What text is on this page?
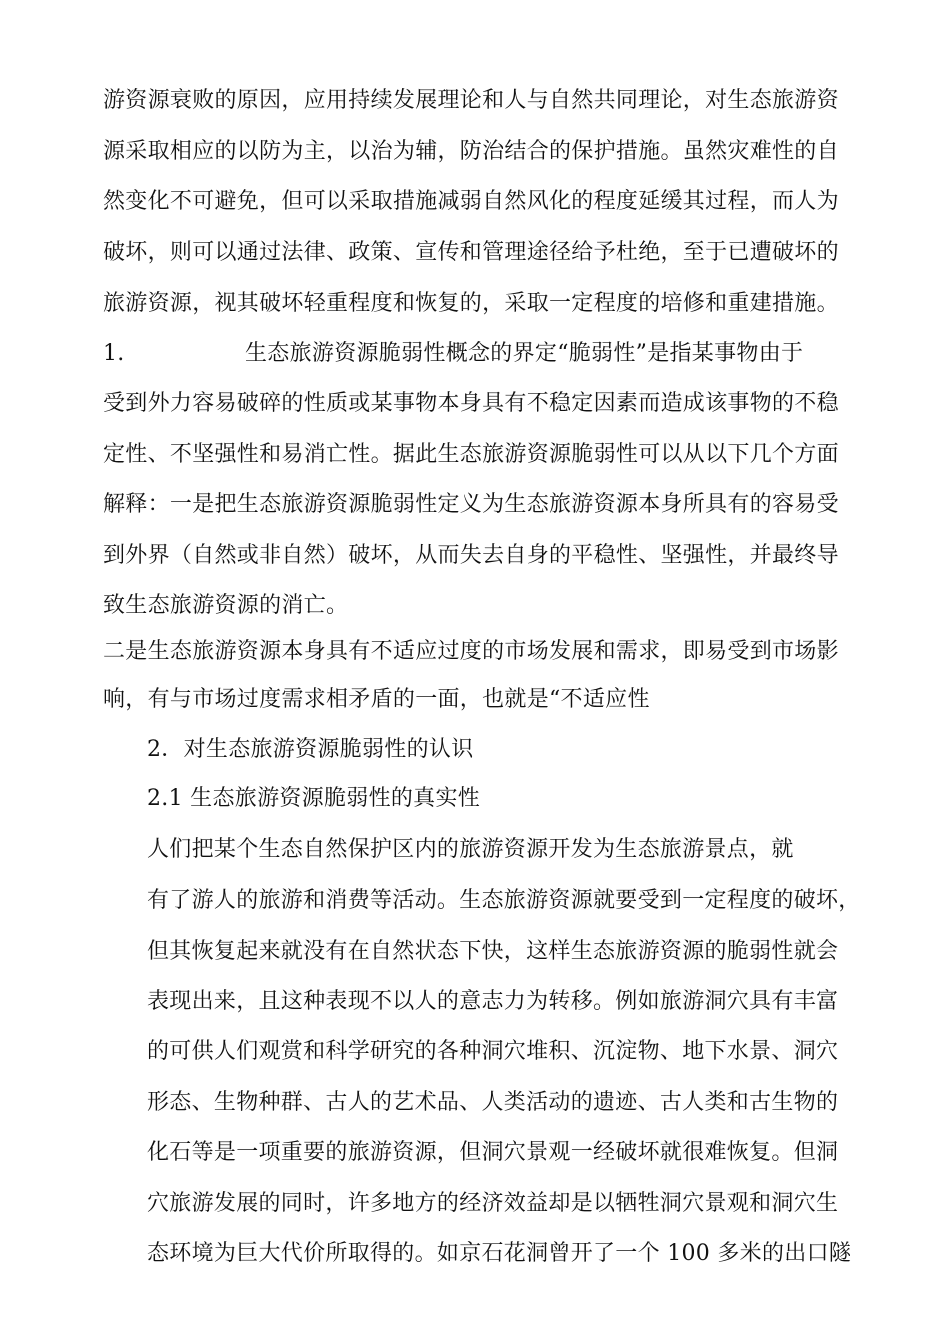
游资源衰败的原因，应用持续发展理论和人与自然共同理论，对生态旅游资
源采取相应的以防为主，以治为辅，防治结合的保护措施。虽然灾难性的自
然变化不可避免，但可以采取措施减弱自然风化的程度延缓其过程，而人为
破坏，则可以通过法律、政策、宣传和管理途径给予杜绝，至于已遭破坏的
旅游资源，视其破坏轻重程度和恢复的，采取一定程度的培修和重建措施。
1.	生态旅游资源脆弱性概念的界定“脆弱性”是指某事物由于
受到外力容易破碎的性质或某事物本身具有不稳定因素而造成该事物的不稳
定性、不坚强性和易消亡性。据此生态旅游资源脆弱性可以从以下几个方面
解释：一是把生态旅游资源脆弱性定义为生态旅游资源本身所具有的容易受
到外界（自然或非自然）破坏，从而失去自身的平稳性、坚强性，并最终导
致生态旅游资源的消亡。
二是生态旅游资源本身具有不适应过度的市场发展和需求，即易受到市场影
响，有与市场过度需求相矛盾的一面，也就是“不适应性
2．对生态旅游资源脆弱性的认识
2.1 生态旅游资源脆弱性的真实性
人们把某个生态自然保护区内的旅游资源开发为生态旅游景点，就
有了游人的旅游和消费等活动。生态旅游资源就要受到一定程度的破坏，
但其恢复起来就没有在自然状态下快，这样生态旅游资源的脆弱性就会
表现出来，且这种表现不以人的意志力为转移。例如旅游洞穴具有丰富
的可供人们观赏和科学研究的各种洞穴堆积、沉淀物、地下水景、洞穴
形态、生物种群、古人的艺术品、人类活动的遗迹、古人类和古生物的
化石等是一项重要的旅游资源，但洞穴景观一经破坏就很难恢复。但洞
穴旅游发展的同时，许多地方的经济效益却是以牺牲洞穴景观和洞穴生
态环境为巨大代价所取得的。如京石花洞曾开了一个 100 多米的出口隧
